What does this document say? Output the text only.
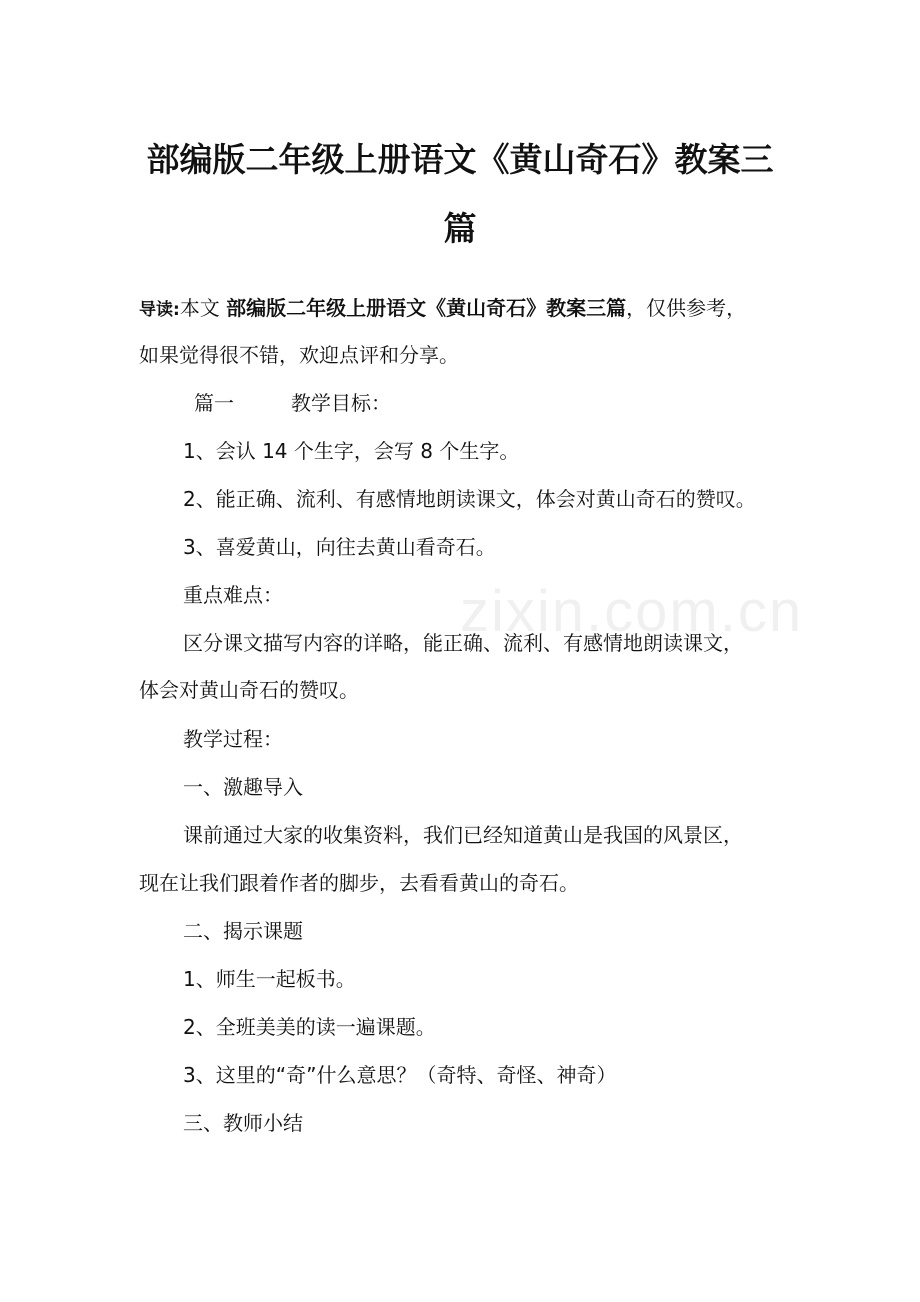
zixin.com.cn
部编版二年级上册语文《黄山奇石》教案三
篇
导读:本文 部编版二年级上册语文《黄山奇石》教案三篇，仅供参考，
如果觉得很不错，欢迎点评和分享。
篇一	教学目标：
1、会认 14 个生字，会写 8 个生字。
2、能正确、流利、有感情地朗读课文，体会对黄山奇石的赞叹。
3、喜爱黄山，向往去黄山看奇石。
重点难点：
区分课文描写内容的详略，能正确、流利、有感情地朗读课文，
体会对黄山奇石的赞叹。
教学过程：
一、激趣导入
课前通过大家的收集资料，我们已经知道黄山是我国的风景区，
现在让我们跟着作者的脚步，去看看黄山的奇石。
二、揭示课题
1、师生一起板书。
2、全班美美的读一遍课题。
3、这里的“奇”什么意思？（奇特、奇怪、神奇）
三、教师小结
